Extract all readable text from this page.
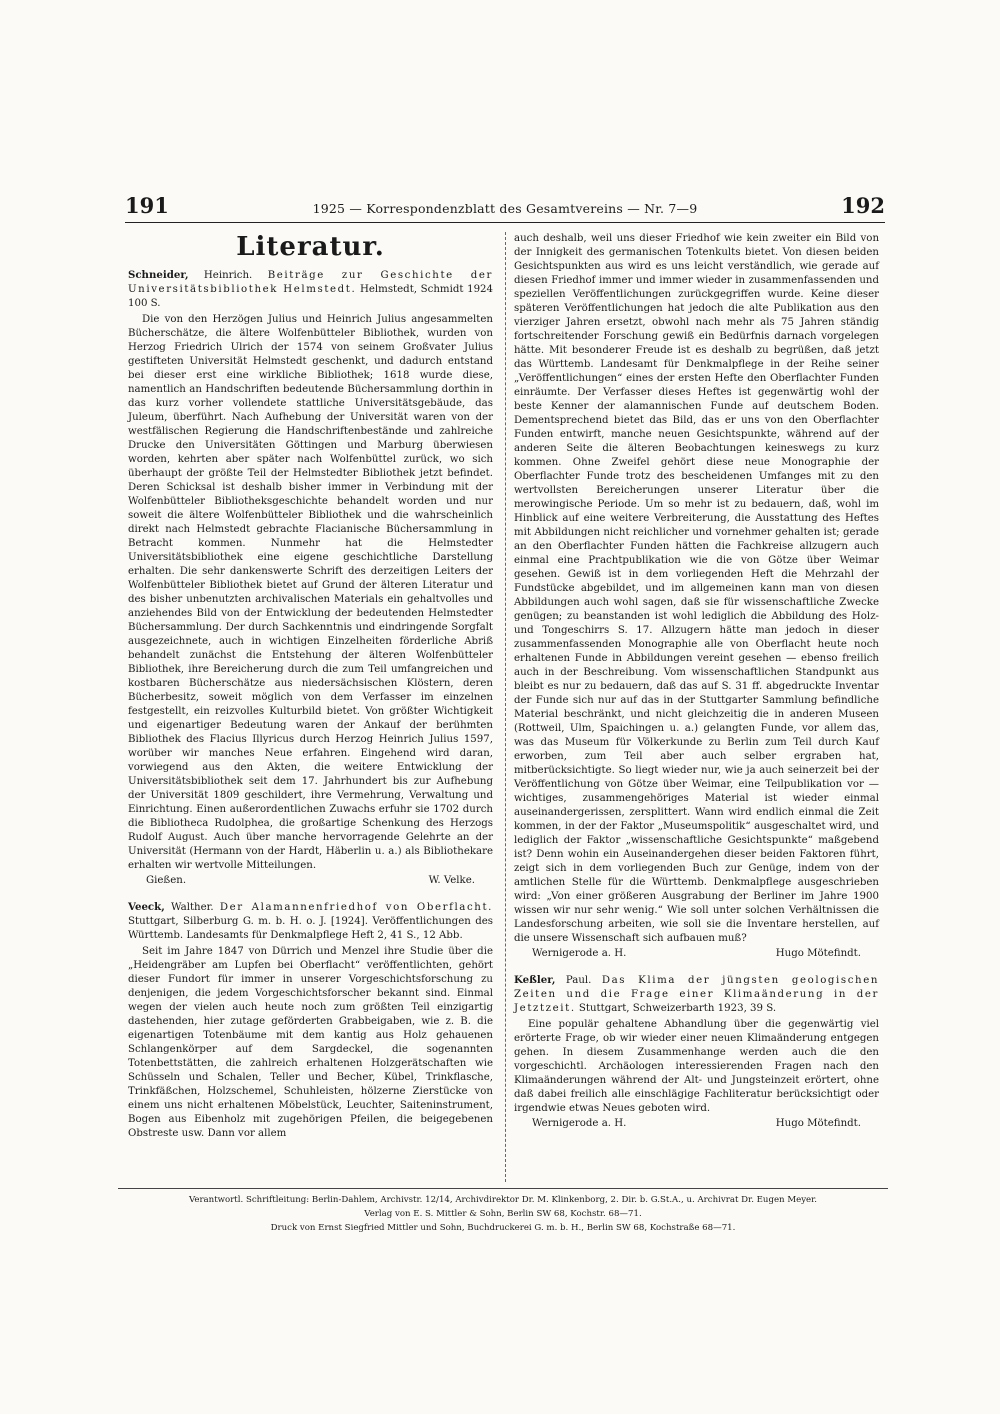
191	1925 — Korrespondenzblatt des Gesamtvereins — Nr. 7—9	192
Literatur.

Schneider, Heinrich. Beiträge zur Geschichte der Universitätsbibliothek Helmstedt. Helmstedt, Schmidt 1924 100 S.

Die von den Herzögen Julius und Heinrich Julius angesammelten Bücherschätze, die ältere Wolfenbütteler Bibliothek, wurden von Herzog Friedrich Ulrich der 1574 von seinem Großvater Julius gestifteten Universität Helmstedt geschenkt, und dadurch entstand bei dieser erst eine wirkliche Bibliothek; 1618 wurde diese, namentlich an Handschriften bedeutende Büchersammlung dorthin in das kurz vorher vollendete stattliche Universitätsgebäude, das Juleum, überführt. Nach Aufhebung der Universität waren von der westfälischen Regierung die Handschriftenbestände und zahlreiche Drucke den Universitäten Göttingen und Marburg überwiesen worden, kehrten aber später nach Wolfenbüttel zurück, wo sich überhaupt der größte Teil der Helmstedter Bibliothek jetzt befindet. Deren Schicksal ist deshalb bisher immer in Verbindung mit der Wolfenbütteler Bibliotheksgeschichte behandelt worden und nur soweit die ältere Wolfenbütteler Bibliothek und die wahrscheinlich direkt nach Helmstedt gebrachte Flacianische Büchersammlung in Betracht kommen. Nunmehr hat die Helmstedter Universitätsbibliothek eine eigene geschichtliche Darstellung erhalten. Die sehr dankenswerte Schrift des derzeitigen Leiters der Wolfenbütteler Bibliothek bietet auf Grund der älteren Literatur und des bisher unbenutzten archivalischen Materials ein gehaltvolles und anziehendes Bild von der Entwicklung der bedeutenden Helmstedter Büchersammlung. Der durch Sachkenntnis und eindringende Sorgfalt ausgezeichnete, auch in wichtigen Einzelheiten förderliche Abriß behandelt zunächst die Entstehung der älteren Wolfenbütteler Bibliothek, ihre Bereicherung durch die zum Teil umfangreichen und kostbaren Bücherschätze aus niedersächsischen Klöstern, deren Bücherbesitz, soweit möglich von dem Verfasser im einzelnen festgestellt, ein reizvolles Kulturbild bietet. Von größter Wichtigkeit und eigenartiger Bedeutung waren der Ankauf der berühmten Bibliothek des Flacius Illyricus durch Herzog Heinrich Julius 1597, worüber wir manches Neue erfahren. Eingehend wird daran, vorwiegend aus den Akten, die weitere Entwicklung der Universitätsbibliothek seit dem 17. Jahrhundert bis zur Aufhebung der Universität 1809 geschildert, ihre Vermehrung, Verwaltung und Einrichtung. Einen außerordentlichen Zuwachs erfuhr sie 1702 durch die Bibliotheca Rudolphea, die großartige Schenkung des Herzogs Rudolf August. Auch über manche hervorragende Gelehrte an der Universität (Hermann von der Hardt, Häberlin u. a.) als Bibliothekare erhalten wir wertvolle Mitteilungen.

Gießen.	W. Velke.

Veeck, Walther. Der Alamannenfriedhof von Oberflacht. Stuttgart, Silberburg G. m. b. H. o. J. [1924]. Veröffentlichungen des Württemb. Landesamts für Denkmalpflege Heft 2, 41 S., 12 Abb.

Seit im Jahre 1847 von Dürrich und Menzel ihre Studie über die „Heidengräber am Lupfen bei Oberflacht“ veröffentlichten, gehört dieser Fundort für immer in unserer Vorgeschichtsforschung zu denjenigen, die jedem Vorgeschichtsforscher bekannt sind. Einmal wegen der vielen auch heute noch zum größten Teil einzigartig dastehenden, hier zutage geförderten Grabbeigaben, wie z. B. die eigenartigen Totenbäume mit dem kantig aus Holz gehauenen Schlangenkörper auf dem Sargdeckel, die sogenannten Totenbettstätten, die zahlreich erhaltenen Holzgerätschaften wie Schüsseln und Schalen, Teller und Becher, Kübel, Trinkflasche, Trinkfäßchen, Holzschemel, Schuhleisten, hölzerne Zierstücke von einem uns nicht erhaltenen Möbelstück, Leuchter, Saiteninstrument, Bogen aus Eibenholz mit zugehörigen Pfeilen, die beigegebenen Obstreste usw. Dann vor allem

auch deshalb, weil uns dieser Friedhof wie kein zweiter ein Bild von der Innigkeit des germanischen Totenkults bietet. Von diesen beiden Gesichtspunkten aus wird es uns leicht verständlich, wie gerade auf diesen Friedhof immer und immer wieder in zusammenfassenden und speziellen Veröffentlichungen zurückgegriffen wurde. Keine dieser späteren Veröffentlichungen hat jedoch die alte Publikation aus den vierziger Jahren ersetzt, obwohl nach mehr als 75 Jahren ständig fortschreitender Forschung gewiß ein Bedürfnis darnach vorgelegen hätte. Mit besonderer Freude ist es deshalb zu begrüßen, daß jetzt das Württemb. Landesamt für Denkmalpflege in der Reihe seiner „Veröffentlichungen“ eines der ersten Hefte den Oberflachter Funden einräumte. Der Verfasser dieses Heftes ist gegenwärtig wohl der beste Kenner der alamannischen Funde auf deutschem Boden. Dementsprechend bietet das Bild, das er uns von den Oberflachter Funden entwirft, manche neuen Gesichtspunkte, während auf der anderen Seite die älteren Beobachtungen keineswegs zu kurz kommen. Ohne Zweifel gehört diese neue Monographie der Oberflachter Funde trotz des bescheidenen Umfanges mit zu den wertvollsten Bereicherungen unserer Literatur über die merowingische Periode. Um so mehr ist zu bedauern, daß, wohl im Hinblick auf eine weitere Verbreiterung, die Ausstattung des Heftes mit Abbildungen nicht reichlicher und vornehmer gehalten ist; gerade an den Oberflachter Funden hätten die Fachkreise allzugern auch einmal eine Prachtpublikation wie die von Götze über Weimar gesehen. Gewiß ist in dem vorliegenden Heft die Mehrzahl der Fundstücke abgebildet, und im allgemeinen kann man von diesen Abbildungen auch wohl sagen, daß sie für wissenschaftliche Zwecke genügen; zu beanstanden ist wohl lediglich die Abbildung des Holz- und Tongeschirrs S. 17. Allzugern hätte man jedoch in dieser zusammenfassenden Monographie alle von Oberflacht heute noch erhaltenen Funde in Abbildungen vereint gesehen — ebenso freilich auch in der Beschreibung. Vom wissenschaftlichen Standpunkt aus bleibt es nur zu bedauern, daß das auf S. 31 ff. abgedruckte Inventar der Funde sich nur auf das in der Stuttgarter Sammlung befindliche Material beschränkt, und nicht gleichzeitig die in anderen Museen (Rottweil, Ulm, Spaichingen u. a.) gelangten Funde, vor allem das, was das Museum für Völkerkunde zu Berlin zum Teil durch Kauf erworben, zum Teil aber auch selber ergraben hat, mitberücksichtigte. So liegt wieder nur, wie ja auch seinerzeit bei der Veröffentlichung von Götze über Weimar, eine Teilpublikation vor — wichtiges, zusammengehöriges Material ist wieder einmal auseinandergerissen, zersplittert. Wann wird endlich einmal die Zeit kommen, in der der Faktor „Museumspolitik“ ausgeschaltet wird, und lediglich der Faktor „wissenschaftliche Gesichtspunkte“ maßgebend ist? Denn wohin ein Auseinandergehen dieser beiden Faktoren führt, zeigt sich in dem vorliegenden Buch zur Genüge, indem von der amtlichen Stelle für die Württemb. Denkmalpflege ausgeschrieben wird: „Von einer größeren Ausgrabung der Berliner im Jahre 1900 wissen wir nur sehr wenig.“ Wie soll unter solchen Verhältnissen die Landesforschung arbeiten, wie soll sie die Inventare herstellen, auf die unsere Wissenschaft sich aufbauen muß?

Wernigerode a. H.	Hugo Mötefindt.

Keßler, Paul. Das Klima der jüngsten geologischen Zeiten und die Frage einer Klimaänderung in der Jetztzeit. Stuttgart, Schweizerbarth 1923, 39 S.

Eine populär gehaltene Abhandlung über die gegenwärtig viel erörterte Frage, ob wir wieder einer neuen Klimaänderung entgegen gehen. In diesem Zusammenhange werden auch die den vorgeschichtl. Archäologen interessierenden Fragen nach den Klimaänderungen während der Alt- und Jungsteinzeit erörtert, ohne daß dabei freilich alle einschlägige Fachliteratur berücksichtigt oder irgendwie etwas Neues geboten wird.

Wernigerode a. H.	Hugo Mötefindt.
Verantwortl. Schriftleitung: Berlin-Dahlem, Archivstr. 12/14, Archivdirektor Dr. M. Klinkenborg, 2. Dir. b. G.St.A., u. Archivrat Dr. Eugen Meyer.
Verlag von E. S. Mittler & Sohn, Berlin SW 68, Kochstr. 68—71.
Druck von Ernst Siegfried Mittler und Sohn, Buchdruckerei G. m. b. H., Berlin SW 68, Kochstraße 68—71.
